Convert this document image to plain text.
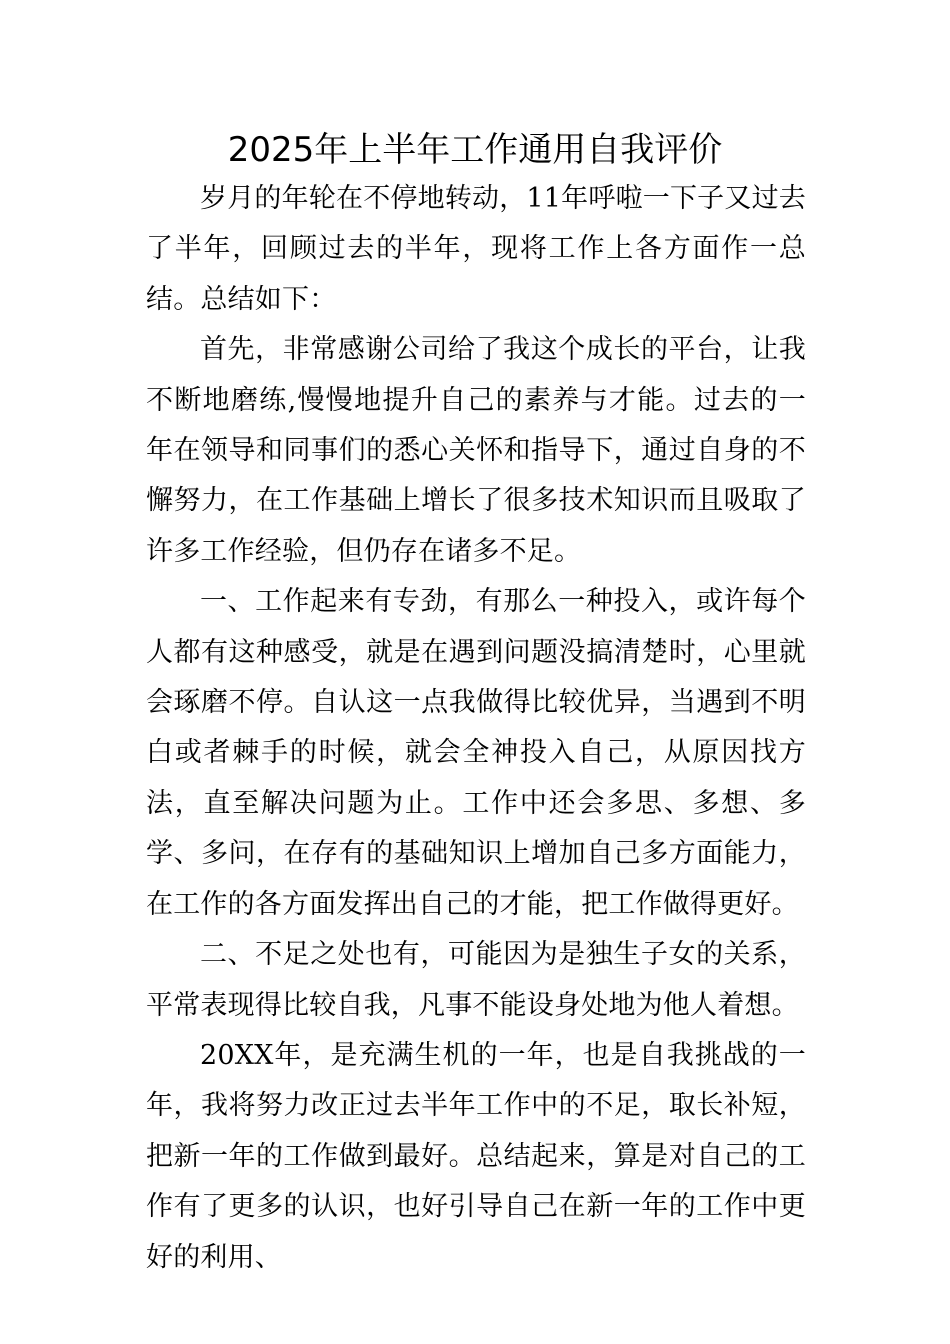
2025年上半年工作通用自我评价

岁月的年轮在不停地转动，11年呼啦一下子又过去了半年，回顾过去的半年，现将工作上各方面作一总结。总结如下：

首先，非常感谢公司给了我这个成长的平台，让我不断地磨练,慢慢地提升自己的素养与才能。过去的一年在领导和同事们的悉心关怀和指导下，通过自身的不懈努力，在工作基础上增长了很多技术知识而且吸取了许多工作经验，但仍存在诸多不足。

一、工作起来有专劲，有那么一种投入，或许每个人都有这种感受，就是在遇到问题没搞清楚时，心里就会琢磨不停。自认这一点我做得比较优异，当遇到不明白或者棘手的时候，就会全神投入自己，从原因找方法，直至解决问题为止。工作中还会多思、多想、多学、多问，在存有的基础知识上增加自己多方面能力，在工作的各方面发挥出自己的才能，把工作做得更好。

二、不足之处也有，可能因为是独生子女的关系，平常表现得比较自我，凡事不能设身处地为他人着想。

20XX年，是充满生机的一年，也是自我挑战的一年，我将努力改正过去半年工作中的不足，取长补短，把新一年的工作做到最好。总结起来，算是对自己的工作有了更多的认识，也好引导自己在新一年的工作中更好的利用、
